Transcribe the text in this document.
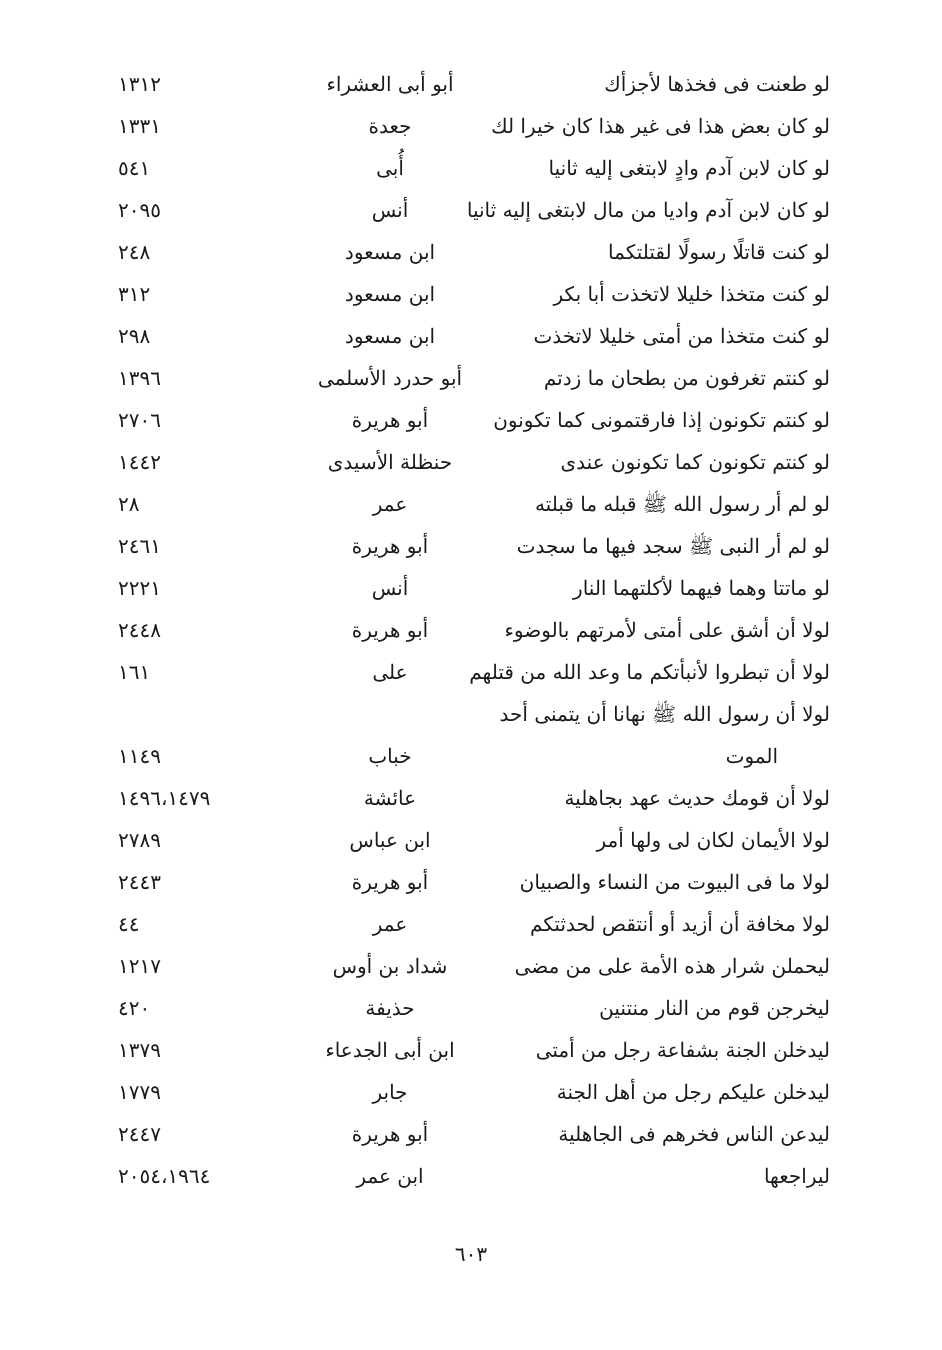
لو طعنت فى فخذها لأجزأك
أبو أبى العشراء
١٣١٢
لو كان بعض هذا فى غير هذا كان خيرا لك
جعدة
١٣٣١
لو كان لابن آدم وادٍ لابتغى إليه ثانيا
أُبى
٥٤١
لو كان لابن آدم واديا من مال لابتغى إليه ثانيا
أنس
٢٠٩٥
لو كنت قاتلًا رسولًا لقتلتكما
ابن مسعود
٢٤٨
لو كنت متخذا خليلا لاتخذت أبا بكر
ابن مسعود
٣١٢
لو كنت متخذا من أمتى خليلا لاتخذت
ابن مسعود
٢٩٨
لو كنتم تغرفون من بطحان ما زدتم
أبو حدرد الأسلمى
١٣٩٦
لو كنتم تكونون إذا فارقتمونى كما تكونون
أبو هريرة
٢٧٠٦
لو كنتم تكونون كما تكونون عندى
حنظلة الأسيدى
١٤٤٢
لو لم أر رسول الله ﷺ قبله ما قبلته
عمر
٢٨
لو لم أر النبى ﷺ سجد فيها ما سجدت
أبو هريرة
٢٤٦١
لو ماتتا وهما فيهما لأكلتهما النار
أنس
٢٢٢١
لولا أن أشق على أمتى لأمرتهم بالوضوء
أبو هريرة
٢٤٤٨
لولا أن تبطروا لأنبأتكم ما وعد الله من قتلهم
على
١٦١
لولا أن رسول الله ﷺ نهانا أن يتمنى أحد
الموت
خباب
١١٤٩
لولا أن قومك حديث عهد بجاهلية
عائشة
١٤٩٦،١٤٧٩
لولا الأيمان لكان لى ولها أمر
ابن عباس
٢٧٨٩
لولا ما فى البيوت من النساء والصبيان
أبو هريرة
٢٤٤٣
لولا مخافة أن أزيد أو أنتقص لحدثتكم
عمر
٤٤
ليحملن شرار هذه الأمة على من مضى
شداد بن أوس
١٢١٧
ليخرجن قوم من النار منتنين
حذيفة
٤٢٠
ليدخلن الجنة بشفاعة رجل من أمتى
ابن أبى الجدعاء
١٣٧٩
ليدخلن عليكم رجل من أهل الجنة
جابر
١٧٧٩
ليدعن الناس فخرهم فى الجاهلية
أبو هريرة
٢٤٤٧
ليراجعها
ابن عمر
٢٠٥٤،١٩٦٤
٦٠٣
